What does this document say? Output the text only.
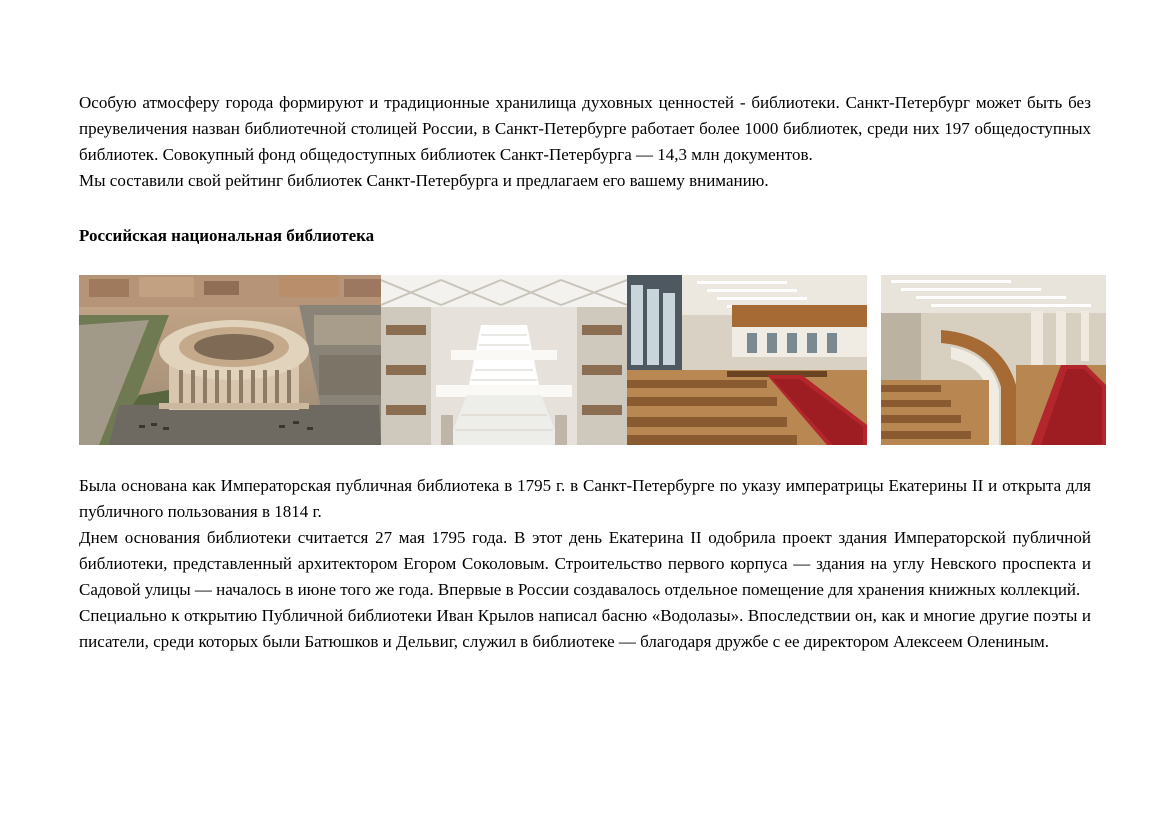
Особую атмосферу города формируют и традиционные хранилища духовных ценностей - библиотеки. Санкт-Петербург может быть без преувеличения назван библиотечной столицей России, в Санкт-Петербурге работает более 1000 библиотек, среди них 197 общедоступных библиотек. Совокупный фонд общедоступных библиотек Санкт-Петербурга — 14,3 млн документов.

Мы составили свой рейтинг библиотек Санкт-Петербурга и предлагаем его вашему вниманию.

Российская национальная библиотека

Была основана как Императорская публичная библиотека в 1795 г. в Санкт-Петербурге по указу императрицы Екатерины II и открыта для публичного пользования в 1814 г.

Днем основания библиотеки считается 27 мая 1795 года. В этот день Екатерина II одобрила проект здания Императорской публичной библиотеки, представленный архитектором Егором Соколовым. Строительство первого корпуса — здания на углу Невского проспекта и Садовой улицы — началось в июне того же года. Впервые в России создавалось отдельное помещение для хранения книжных коллекций.

Специально к открытию Публичной библиотеки Иван Крылов написал басню «Водолазы». Впоследствии он, как и многие другие поэты и писатели, среди которых были Батюшков и Дельвиг, служил в библиотеке — благодаря дружбе с ее директором Алексеем Олениным.
